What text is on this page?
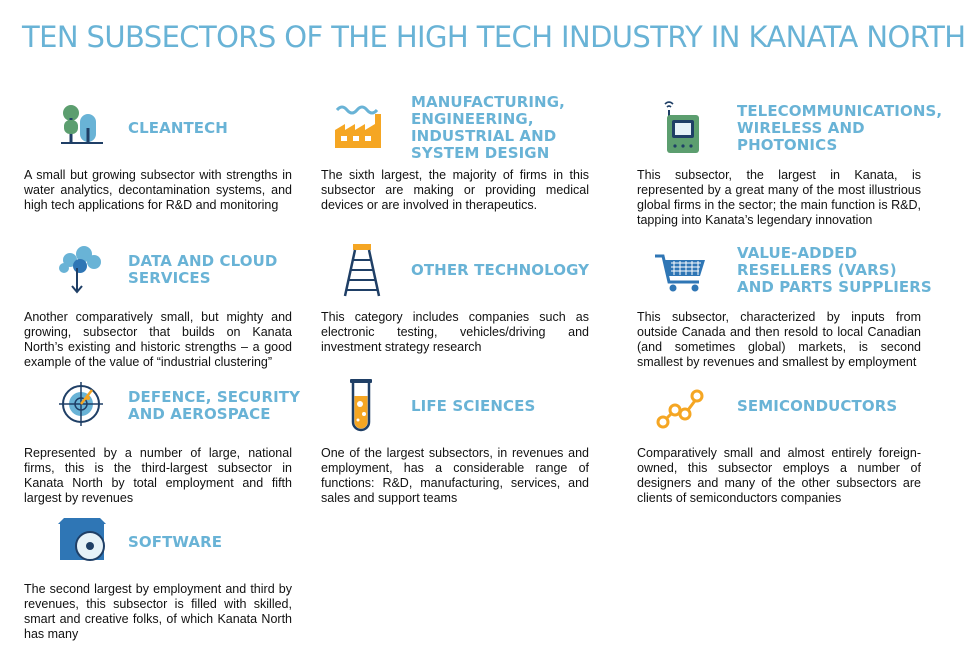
TEN SUBSECTORS OF THE HIGH TECH INDUSTRY IN KANATA NORTH
CLEANTECH

A small but growing subsector with strengths in water analytics, decontamination systems, and high tech applications for R&D and monitoring

MANUFACTURING, ENGINEERING, INDUSTRIAL AND SYSTEM DESIGN

The sixth largest, the majority of firms in this subsector are making or providing medical devices or are involved in therapeutics.

TELECOMMUNICATIONS, WIRELESS AND PHOTONICS

This subsector, the largest in Kanata, is represented by a great many of the most illustrious global firms in the sector; the main function is R&D, tapping into Kanata’s legendary innovation

DATA AND CLOUD SERVICES

Another comparatively small, but mighty and growing, subsector that builds on Kanata North’s existing and historic strengths – a good example of the value of “industrial clustering”

OTHER TECHNOLOGY

This category includes companies such as electronic testing, vehicles/driving and investment strategy research

VALUE-ADDED RESELLERS (VARS) AND PARTS SUPPLIERS

This subsector, characterized by inputs from outside Canada and then resold to local Canadian (and sometimes global) markets, is second smallest by revenues and smallest by employment

DEFENCE, SECURITY AND AEROSPACE

Represented by a number of large, national firms, this is the third-largest subsector in Kanata North by total employment and fifth largest by revenues

LIFE SCIENCES

One of the largest subsectors, in revenues and employment, has a considerable range of functions: R&D, manufacturing, services, and sales and support teams

SEMICONDUCTORS

Comparatively small and almost entirely foreign-owned, this subsector employs a number of designers and many of the other subsectors are clients of semiconductors companies

SOFTWARE

The second largest by employment and third by revenues, this subsector is filled with skilled, smart and creative folks, of which Kanata North has many
